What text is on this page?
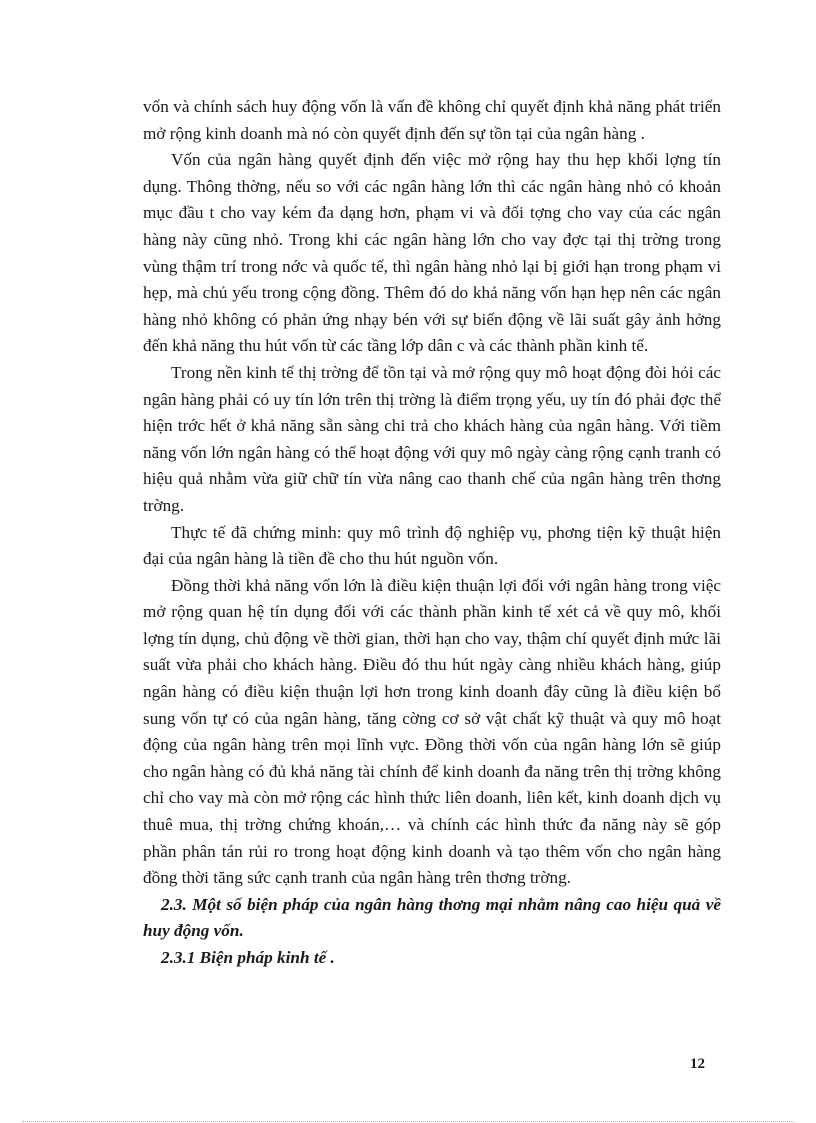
vốn và chính sách huy động vốn là vấn đề không chỉ quyết định khả năng phát triển mở rộng kinh doanh mà nó còn quyết định đến sự tồn tại của ngân hàng .

Vốn của ngân hàng quyết định đến việc mở rộng hay thu hẹp khối lợng tín dụng. Thông thờng, nếu so với các ngân hàng lớn thì các ngân hàng nhỏ có khoản mục đầu t cho vay kém đa dạng hơn, phạm vi và đối tợng cho vay của các ngân hàng này cũng nhỏ. Trong khi các ngân hàng lớn cho vay đợc tại thị trờng trong vùng thậm trí trong nớc và quốc tế, thì ngân hàng nhỏ lại bị giới hạn trong phạm vi hẹp, mà chủ yếu trong cộng đồng. Thêm đó do khả năng vốn hạn hẹp nên các ngân hàng nhỏ không có phản ứng nhạy bén với sự biến động về lãi suất gây ảnh hởng đến khả năng thu hút vốn từ các tầng lớp dân c và các thành phần kinh tế.

Trong nền kinh tế thị trờng để tồn tại và mở rộng quy mô hoạt động đòi hỏi các ngân hàng phải có uy tín lớn trên thị trờng là điểm trọng yếu, uy tín đó phải đợc thể hiện trớc hết ở khả năng sẵn sàng chi trả cho khách hàng của ngân hàng. Với tiềm năng vốn lớn ngân hàng có thể hoạt động với quy mô ngày càng rộng cạnh tranh có hiệu quả nhằm vừa giữ chữ tín vừa nâng cao thanh chế của ngân hàng trên thơng trờng.

Thực tế đã chứng minh: quy mô trình độ nghiệp vụ, phơng tiện kỹ thuật hiện đại của ngân hàng là tiền đề cho thu hút nguồn vốn.

Đồng thời khả năng vốn lớn là điều kiện thuận lợi đối với ngân hàng trong việc mở rộng quan hệ tín dụng đối với các thành phần kinh tế xét cả về quy mô, khối lợng tín dụng, chủ động về thời gian, thời hạn cho vay, thậm chí quyết định mức lãi suất vừa phải cho khách hàng. Điều đó thu hút ngày càng nhiều khách hàng, giúp ngân hàng có điều kiện thuận lợi hơn trong kinh doanh đây cũng là điều kiện bổ sung vốn tự có của ngân hàng, tăng cờng cơ sở vật chất kỹ thuật và quy mô hoạt động của ngân hàng trên mọi lĩnh vực. Đồng thời vốn của ngân hàng lớn sẽ giúp cho ngân hàng có đủ khả năng tài chính để kinh doanh đa năng trên thị trờng không chỉ cho vay mà còn mở rộng các hình thức liên doanh, liên kết, kinh doanh dịch vụ thuê mua, thị trờng chứng khoán,… và chính các hình thức đa năng này sẽ góp phần phân tán rủi ro trong hoạt động kinh doanh và tạo thêm vốn cho ngân hàng đồng thời tăng sức cạnh tranh của ngân hàng trên thơng trờng.

2.3. Một số biện pháp của ngân hàng thơng mại nhằm nâng cao hiệu quả về huy động vốn.

2.3.1 Biện pháp kinh tế .

12
